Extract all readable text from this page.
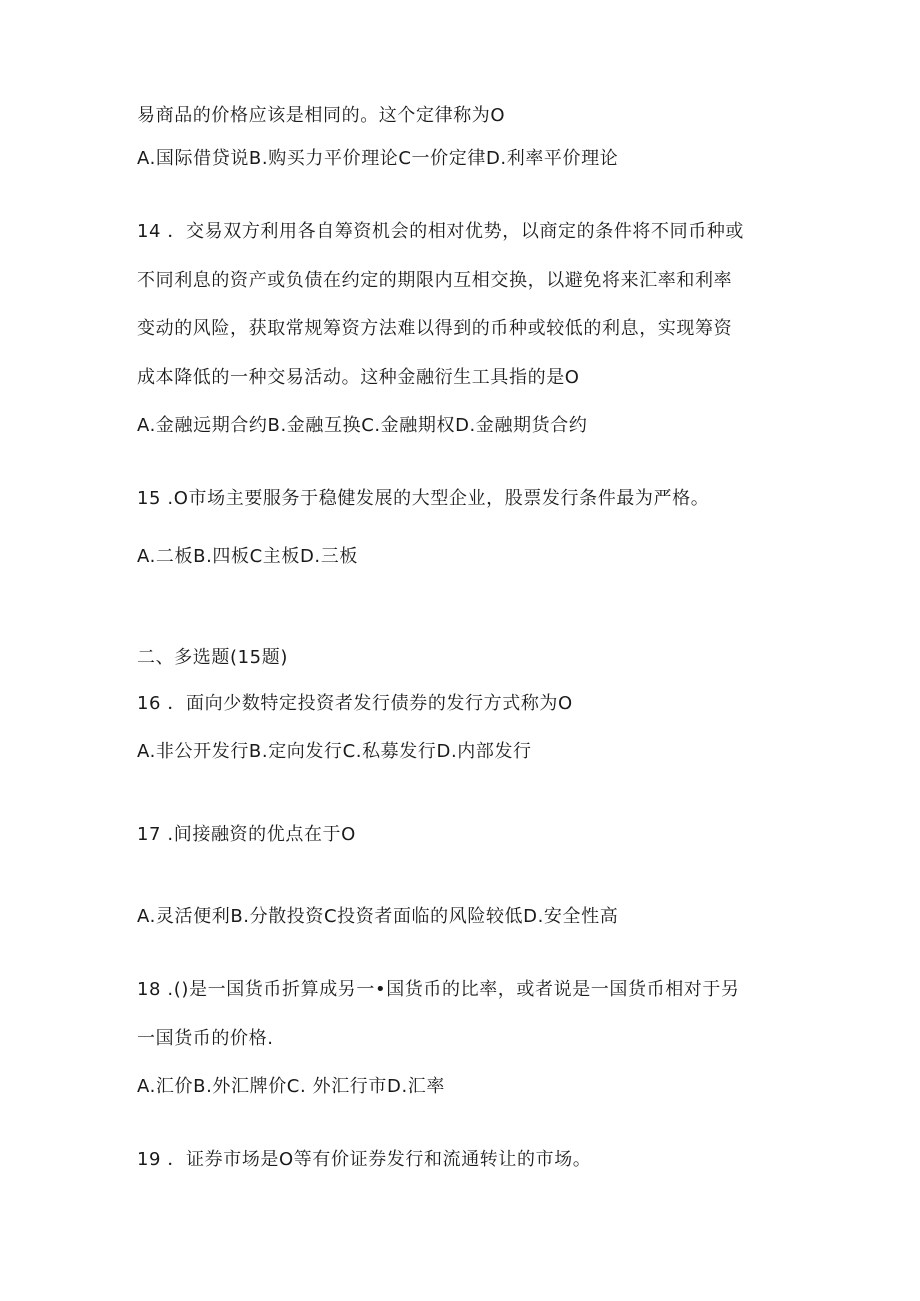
易商品的价格应该是相同的。这个定律称为O
A.国际借贷说B.购买力平价理论C一价定律D.利率平价理论
14 ．交易双方利用各自筹资机会的相对优势，以商定的条件将不同币种或
不同利息的资产或负债在约定的期限内互相交换，以避免将来汇率和利率
变动的风险，获取常规筹资方法难以得到的币种或较低的利息，实现筹资
成本降低的一种交易活动。这种金融衍生工具指的是O
A.金融远期合约B.金融互换C.金融期权D.金融期货合约
15 .O市场主要服务于稳健发展的大型企业，股票发行条件最为严格。
A.二板B.四板C主板D.三板
二、多选题(15题)
16 ．面向少数特定投资者发行债券的发行方式称为O
A.非公开发行B.定向发行C.私募发行D.内部发行
17 .间接融资的优点在于O
A.灵活便利B.分散投资C投资者面临的风险较低D.安全性高
18 .()是一国货币折算成另一•国货币的比率，或者说是一国货币相对于另
一国货币的价格.
A.汇价B.外汇牌价C. 外汇行市D.汇率
19 ．证券市场是O等有价证券发行和流通转让的市场。
